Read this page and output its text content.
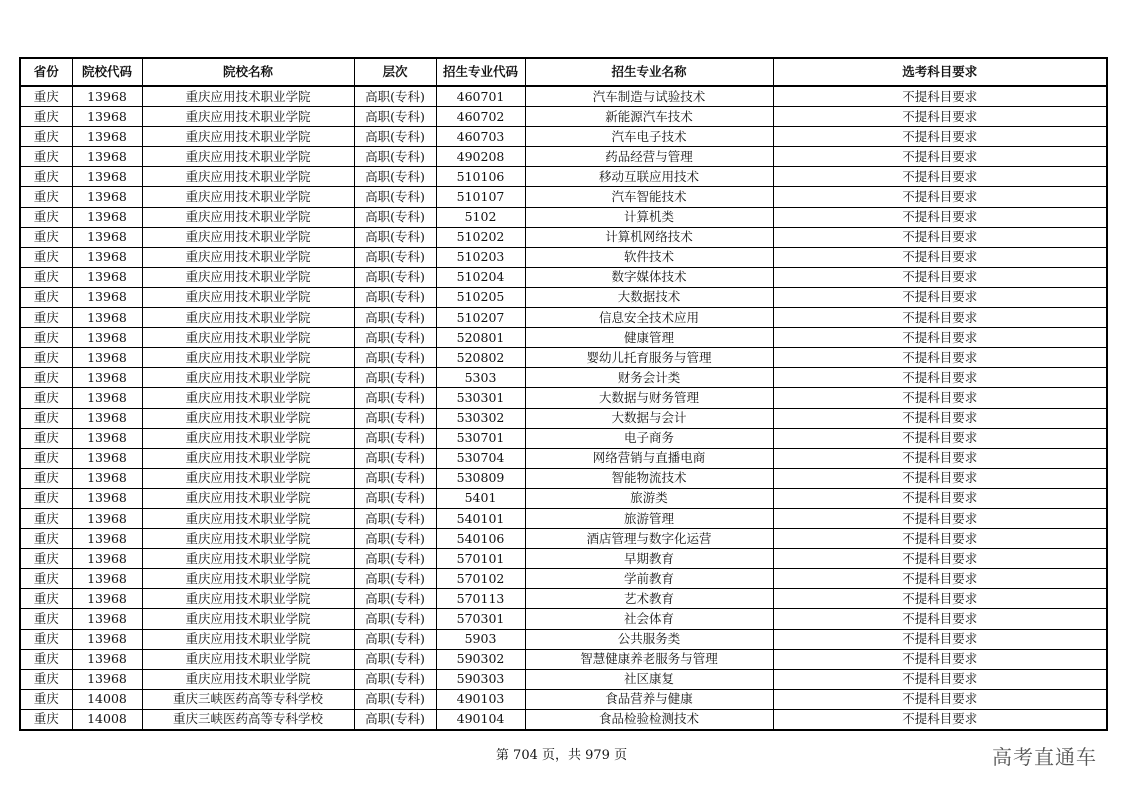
省份	院校代码	院校名称	层次	招生专业代码	招生专业名称	选考科目要求
重庆	13968	重庆应用技术职业学院	高职(专科)	460701	汽车制造与试验技术	不提科目要求
重庆	13968	重庆应用技术职业学院	高职(专科)	460702	新能源汽车技术	不提科目要求
重庆	13968	重庆应用技术职业学院	高职(专科)	460703	汽车电子技术	不提科目要求
重庆	13968	重庆应用技术职业学院	高职(专科)	490208	药品经营与管理	不提科目要求
重庆	13968	重庆应用技术职业学院	高职(专科)	510106	移动互联应用技术	不提科目要求
重庆	13968	重庆应用技术职业学院	高职(专科)	510107	汽车智能技术	不提科目要求
重庆	13968	重庆应用技术职业学院	高职(专科)	5102	计算机类	不提科目要求
重庆	13968	重庆应用技术职业学院	高职(专科)	510202	计算机网络技术	不提科目要求
重庆	13968	重庆应用技术职业学院	高职(专科)	510203	软件技术	不提科目要求
重庆	13968	重庆应用技术职业学院	高职(专科)	510204	数字媒体技术	不提科目要求
重庆	13968	重庆应用技术职业学院	高职(专科)	510205	大数据技术	不提科目要求
重庆	13968	重庆应用技术职业学院	高职(专科)	510207	信息安全技术应用	不提科目要求
重庆	13968	重庆应用技术职业学院	高职(专科)	520801	健康管理	不提科目要求
重庆	13968	重庆应用技术职业学院	高职(专科)	520802	婴幼儿托育服务与管理	不提科目要求
重庆	13968	重庆应用技术职业学院	高职(专科)	5303	财务会计类	不提科目要求
重庆	13968	重庆应用技术职业学院	高职(专科)	530301	大数据与财务管理	不提科目要求
重庆	13968	重庆应用技术职业学院	高职(专科)	530302	大数据与会计	不提科目要求
重庆	13968	重庆应用技术职业学院	高职(专科)	530701	电子商务	不提科目要求
重庆	13968	重庆应用技术职业学院	高职(专科)	530704	网络营销与直播电商	不提科目要求
重庆	13968	重庆应用技术职业学院	高职(专科)	530809	智能物流技术	不提科目要求
重庆	13968	重庆应用技术职业学院	高职(专科)	5401	旅游类	不提科目要求
重庆	13968	重庆应用技术职业学院	高职(专科)	540101	旅游管理	不提科目要求
重庆	13968	重庆应用技术职业学院	高职(专科)	540106	酒店管理与数字化运营	不提科目要求
重庆	13968	重庆应用技术职业学院	高职(专科)	570101	早期教育	不提科目要求
重庆	13968	重庆应用技术职业学院	高职(专科)	570102	学前教育	不提科目要求
重庆	13968	重庆应用技术职业学院	高职(专科)	570113	艺术教育	不提科目要求
重庆	13968	重庆应用技术职业学院	高职(专科)	570301	社会体育	不提科目要求
重庆	13968	重庆应用技术职业学院	高职(专科)	5903	公共服务类	不提科目要求
重庆	13968	重庆应用技术职业学院	高职(专科)	590302	智慧健康养老服务与管理	不提科目要求
重庆	13968	重庆应用技术职业学院	高职(专科)	590303	社区康复	不提科目要求
重庆	14008	重庆三峡医药高等专科学校	高职(专科)	490103	食品营养与健康	不提科目要求
重庆	14008	重庆三峡医药高等专科学校	高职(专科)	490104	食品检验检测技术	不提科目要求
第 704 页，共 979 页	高考直通车
